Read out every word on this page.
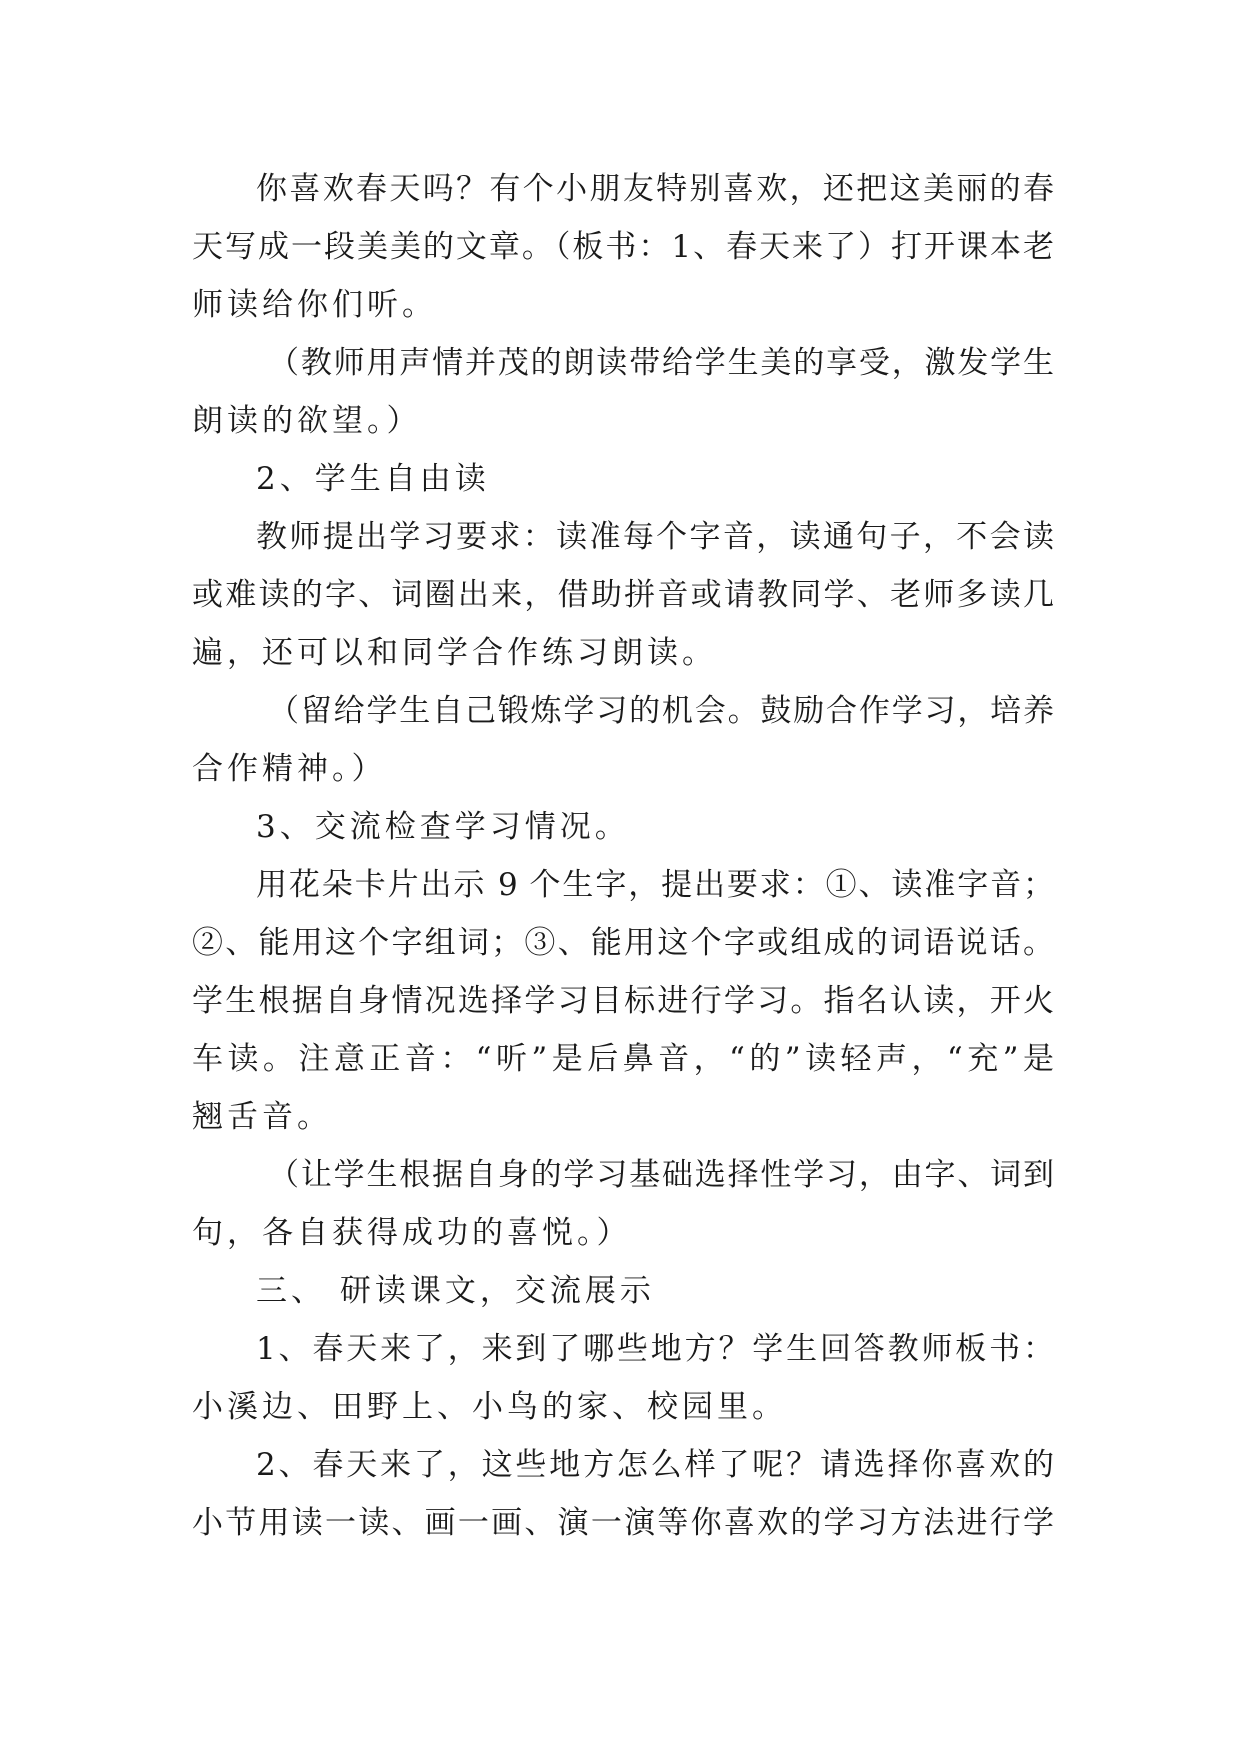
你喜欢春天吗？有个小朋友特别喜欢，还把这美丽的春
天写成一段美美的文章。（板书：1、春天来了）打开课本老
师读给你们听。
（教师用声情并茂的朗读带给学生美的享受，激发学生
朗读的欲望。）
2、学生自由读
教师提出学习要求：读准每个字音，读通句子，不会读
或难读的字、词圈出来，借助拼音或请教同学、老师多读几
遍，还可以和同学合作练习朗读。
（留给学生自己锻炼学习的机会。鼓励合作学习，培养
合作精神。）
3、交流检查学习情况。
用花朵卡片出示 9 个生字，提出要求：①、读准字音；
②、能用这个字组词；③、能用这个字或组成的词语说话。
学生根据自身情况选择学习目标进行学习。指名认读，开火
车读。注意正音：“听”是后鼻音，“的”读轻声，“充”是
翘舌音。
（让学生根据自身的学习基础选择性学习，由字、词到
句，各自获得成功的喜悦。）
三、 研读课文，交流展示
1、春天来了，来到了哪些地方？学生回答教师板书：
小溪边、田野上、小鸟的家、校园里。
2、春天来了，这些地方怎么样了呢？请选择你喜欢的
小节用读一读、画一画、演一演等你喜欢的学习方法进行学
